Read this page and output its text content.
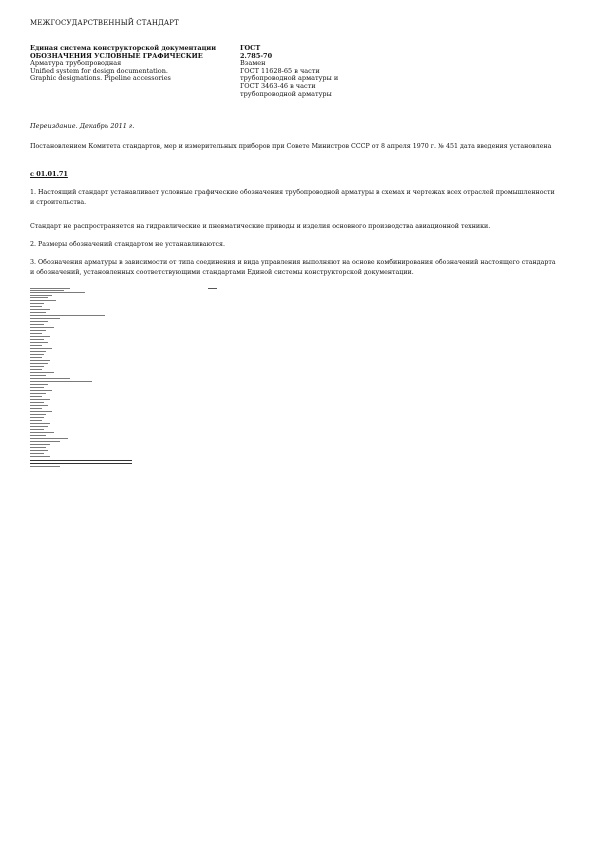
МЕЖГОСУДАРСТВЕННЫЙ СТАНДАРТ
Единая система конструкторской документации
ОБОЗНАЧЕНИЯ УСЛОВНЫЕ ГРАФИЧЕСКИЕ
Арматура трубопроводная
Unified system for design documentation.
Graphic designations. Pipeline accessories
ГОСТ
2.785-70
Взамен
ГОСТ 11628-65 в части
трубопроводной арматуры и
ГОСТ 3463-46 в части
трубопроводной арматуры
Переиздание. Декабрь 2011 г.
Постановлением Комитета стандартов, мер и измерительных приборов при Совете Министров СССР от 8 апреля 1970 г. № 451 дата введения установлена
с 01.01.71
1. Настоящий стандарт устанавливает условные графические обозначения трубопроводной арматуры в схемах и чертежах всех отраслей промышленности и строительства.
Стандарт не распространяется на гидравлические и пневматические приводы и изделия основного производства авиационной техники.
2. Размеры обозначений стандартом не устанавливаются.
3. Обозначения арматуры в зависимости от типа соединения и вида управления выполняют на основе комбинирования обозначений настоящего стандарта и обозначений, установленных соответствующими стандартами Единой системы конструкторской документации.
